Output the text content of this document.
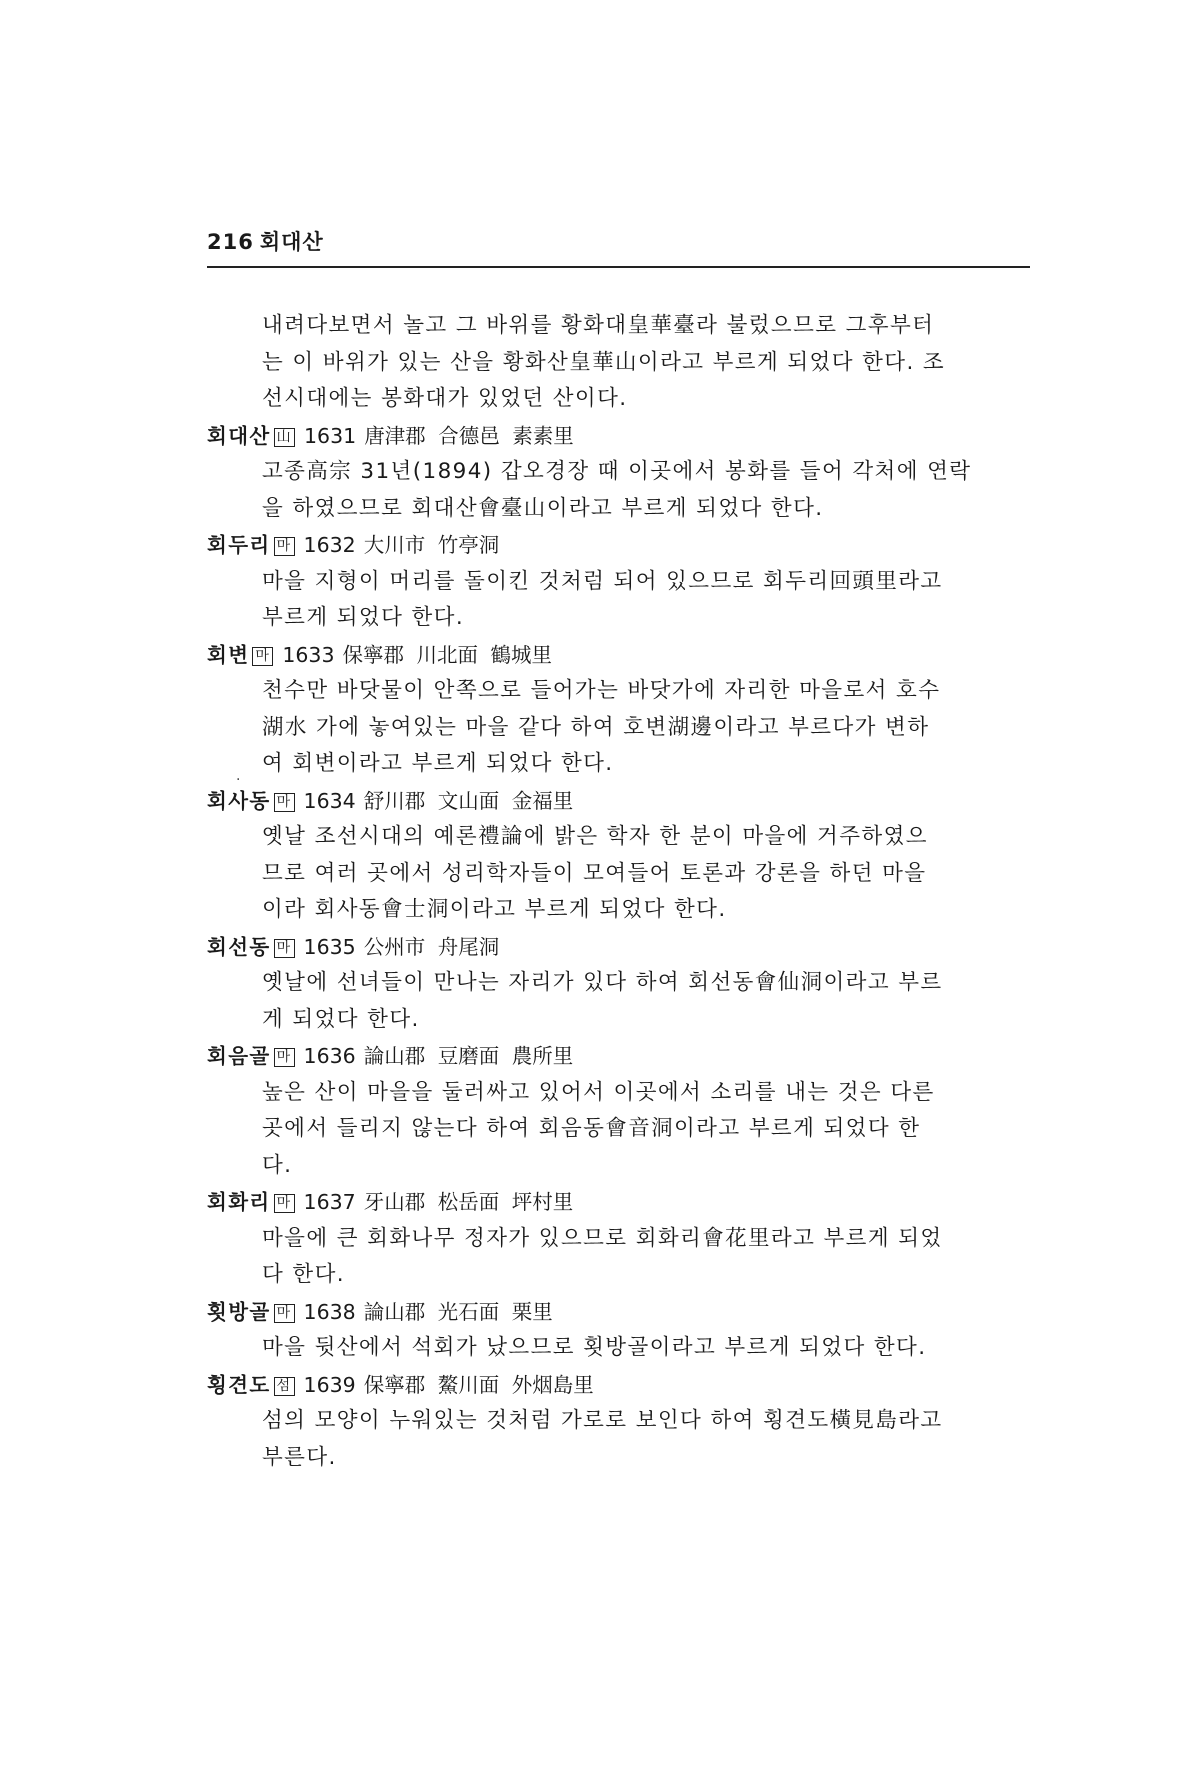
216 회대산
내려다보면서 놀고 그 바위를 황화대皇華臺라 불렀으므로 그후부터
는 이 바위가 있는 산을 황화산皇華山이라고 부르게 되었다 한다. 조
선시대에는 봉화대가 있었던 산이다.
회대산 山 1631 唐津郡 合德邑 素素里
고종高宗 31년(1894) 갑오경장 때 이곳에서 봉화를 들어 각처에 연락
을 하였으므로 회대산會臺山이라고 부르게 되었다 한다.
회두리 마 1632 大川市 竹亭洞
마을 지형이 머리를 돌이킨 것처럼 되어 있으므로 회두리回頭里라고
부르게 되었다 한다.
회변 마 1633 保寧郡 川北面 鶴城里
천수만 바닷물이 안쪽으로 들어가는 바닷가에 자리한 마을로서 호수
湖水 가에 놓여있는 마을 같다 하여 호변湖邊이라고 부르다가 변하
여 회변이라고 부르게 되었다 한다.
회사동 마 1634 舒川郡 文山面 金福里
옛날 조선시대의 예론禮論에 밝은 학자 한 분이 마을에 거주하였으
므로 여러 곳에서 성리학자들이 모여들어 토론과 강론을 하던 마을
이라 회사동會士洞이라고 부르게 되었다 한다.
회선동 마 1635 公州市 舟尾洞
옛날에 선녀들이 만나는 자리가 있다 하여 회선동會仙洞이라고 부르
게 되었다 한다.
회음골 마 1636 論山郡 豆磨面 農所里
높은 산이 마을을 둘러싸고 있어서 이곳에서 소리를 내는 것은 다른
곳에서 들리지 않는다 하여 회음동會音洞이라고 부르게 되었다 한
다.
회화리 마 1637 牙山郡 松岳面 坪村里
마을에 큰 회화나무 정자가 있으므로 회화리會花里라고 부르게 되었
다 한다.
횟방골 마 1638 論山郡 光石面 栗里
마을 뒷산에서 석회가 났으므로 횟방골이라고 부르게 되었다 한다.
횡견도 섬 1639 保寧郡 鰲川面 外烟島里
섬의 모양이 누워있는 것처럼 가로로 보인다 하여 횡견도橫見島라고
부른다.
·
